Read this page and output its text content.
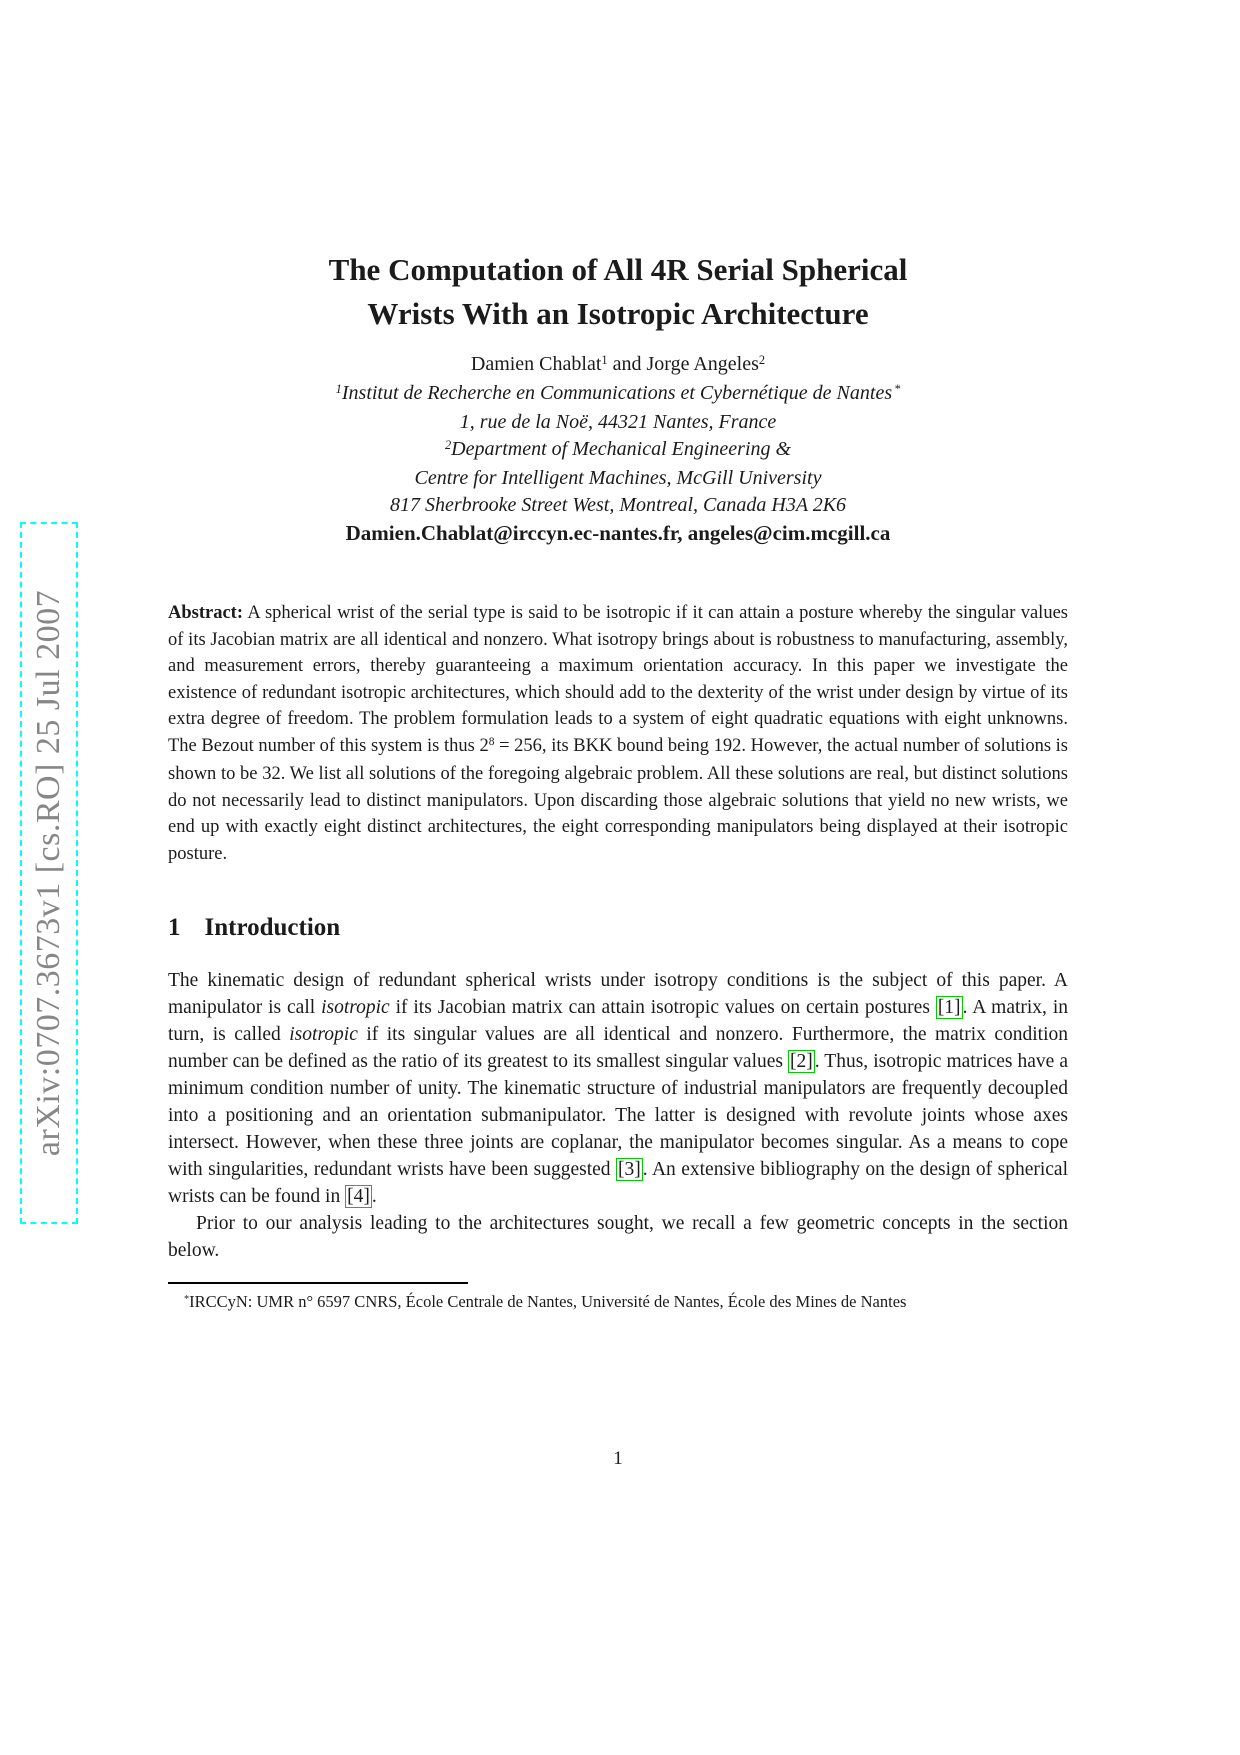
arXiv:0707.3673v1 [cs.RO] 25 Jul 2007
The Computation of All 4R Serial Spherical
Wrists With an Isotropic Architecture
Damien Chablat$^1$ and Jorge Angeles$^2$
$^1$Institut de Recherche en Communications et Cybernétique de Nantes *
1, rue de la Noë, 44321 Nantes, France
$^2$Department of Mechanical Engineering &
Centre for Intelligent Machines, McGill University
817 Sherbrooke Street West, Montreal, Canada H3A 2K6
Damien.Chablat@irccyn.ec-nantes.fr, angeles@cim.mcgill.ca
Abstract: A spherical wrist of the serial type is said to be isotropic if it can attain a posture whereby the singular values of its Jacobian matrix are all identical and nonzero. What isotropy brings about is robustness to manufacturing, assembly, and measurement errors, thereby guaranteeing a maximum orientation accuracy. In this paper we investigate the existence of redundant isotropic architectures, which should add to the dexterity of the wrist under design by virtue of its extra degree of freedom. The problem formulation leads to a system of eight quadratic equations with eight unknowns. The Bezout number of this system is thus $2^8 = 256$, its BKK bound being 192. However, the actual number of solutions is shown to be 32. We list all solutions of the foregoing algebraic problem. All these solutions are real, but distinct solutions do not necessarily lead to distinct manipulators. Upon discarding those algebraic solutions that yield no new wrists, we end up with exactly eight distinct architectures, the eight corresponding manipulators being displayed at their isotropic posture.
1 Introduction

The kinematic design of redundant spherical wrists under isotropy conditions is the subject of this paper. A manipulator is call isotropic if its Jacobian matrix can attain isotropic values on certain postures [1] . A matrix, in turn, is called isotropic if its singular values are all identical and nonzero. Furthermore, the matrix condition number can be defined as the ratio of its greatest to its smallest singular values [2] . Thus, isotropic matrices have a minimum condition number of unity. The kinematic structure of industrial manipulators are frequently decoupled into a positioning and an orientation submanipulator. The latter is designed with revolute joints whose axes intersect. However, when these three joints are coplanar, the manipulator becomes singular. As a means to cope with singularities, redundant wrists have been suggested [3] . An extensive bibliography on the design of spherical wrists can be found in [4] .

Prior to our analysis leading to the architectures sought, we recall a few geometric concepts in the section below.

*IRCCyN: UMR n° 6597 CNRS, École Centrale de Nantes, Université de Nantes, École des Mines de Nantes
1
